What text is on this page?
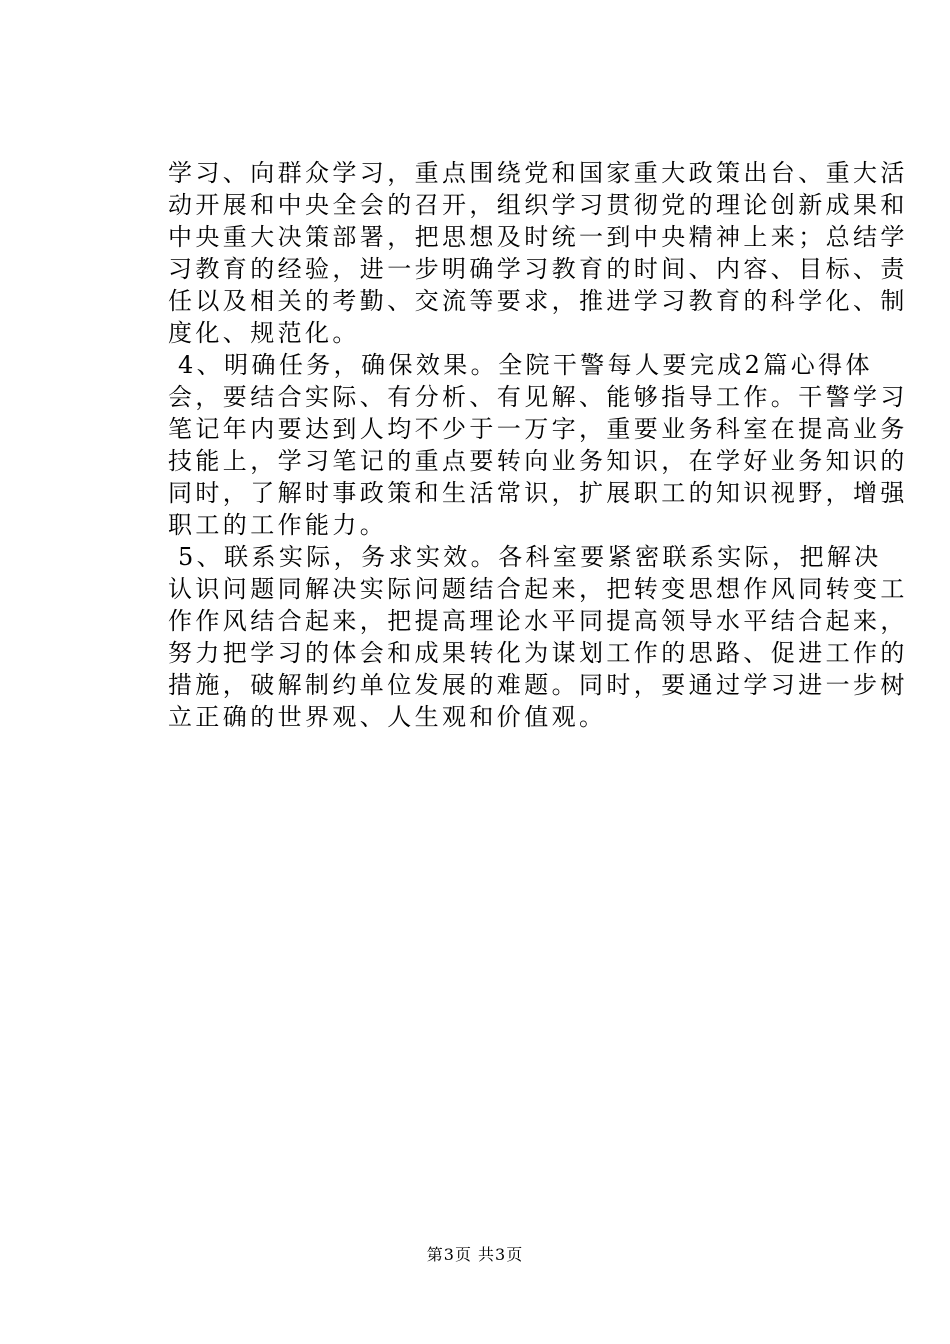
学习、向群众学习，重点围绕党和国家重大政策出台、重大活
动开展和中央全会的召开，组织学习贯彻党的理论创新成果和
中央重大决策部署，把思想及时统一到中央精神上来；总结学
习教育的经验，进一步明确学习教育的时间、内容、目标、责
任以及相关的考勤、交流等要求，推进学习教育的科学化、制
度化、规范化。
4、明确任务，确保效果。全院干警每人要完成2篇心得体
会，要结合实际、有分析、有见解、能够指导工作。干警学习
笔记年内要达到人均不少于一万字，重要业务科室在提高业务
技能上，学习笔记的重点要转向业务知识，在学好业务知识的
同时，了解时事政策和生活常识，扩展职工的知识视野，增强
职工的工作能力。
5、联系实际，务求实效。各科室要紧密联系实际，把解决
认识问题同解决实际问题结合起来，把转变思想作风同转变工
作作风结合起来，把提高理论水平同提高领导水平结合起来，
努力把学习的体会和成果转化为谋划工作的思路、促进工作的
措施，破解制约单位发展的难题。同时，要通过学习进一步树
立正确的世界观、人生观和价值观。
第3页 共3页
